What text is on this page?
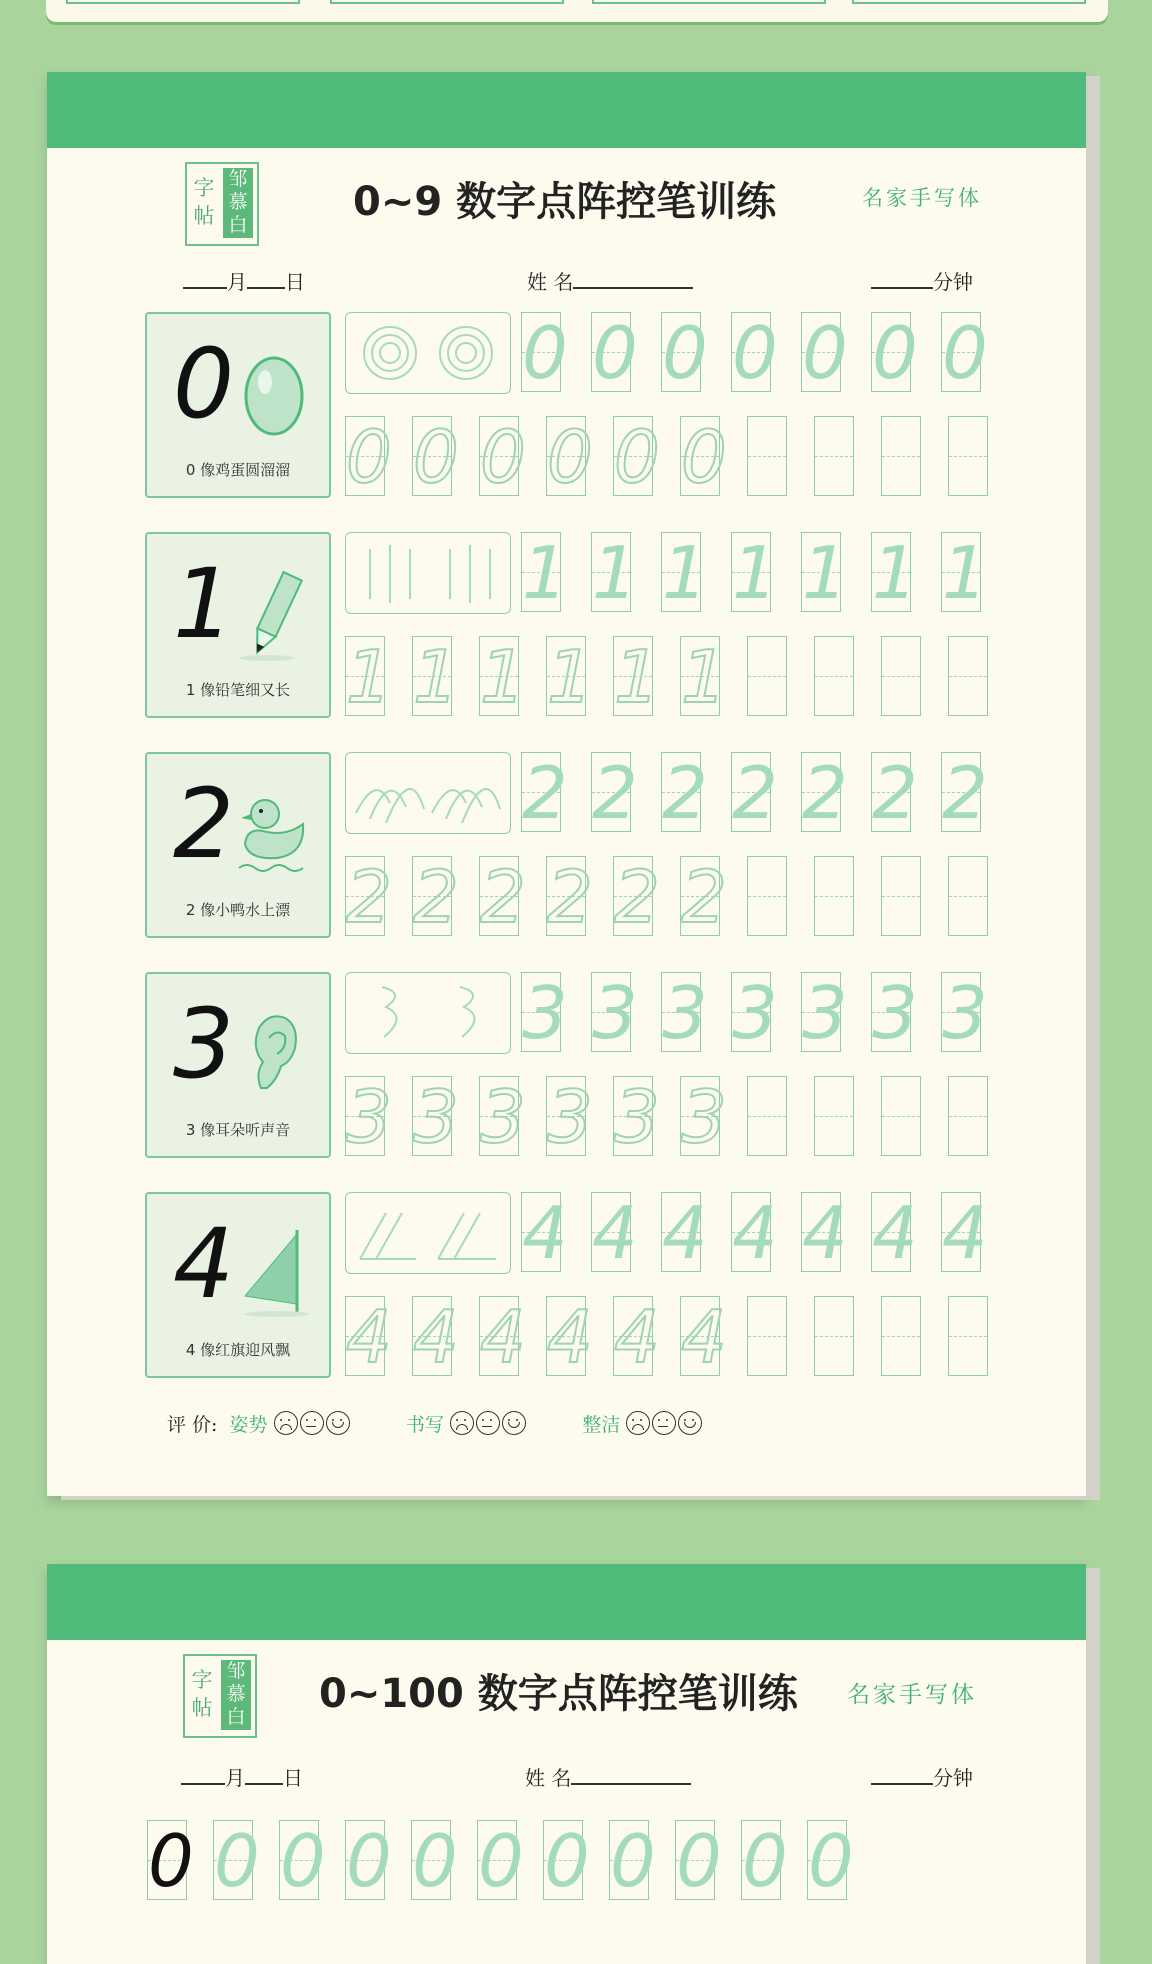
字帖
邹慕白	0~9 数字点阵控笔训练	名家手写体
月 日	姓 名	分钟
0
0 像鸡蛋圆溜溜
0 0 0 0 0 0 0
0 0 0 0 0 0
1
1 像铅笔细又长
1 1 1 1 1 1 1
1 1 1 1 1 1
2
2 像小鸭水上漂
2 2 2 2 2 2 2
2 2 2 2 2 2
3
3 像耳朵听声音
3 3 3 3 3 3 3
3 3 3 3 3 3
4
4 像红旗迎风飘
4 4 4 4 4 4 4
4 4 4 4 4 4
评 价: 姿势	书写	整洁
字帖
邹慕白 0~100 数字点阵控笔训练 名家手写体
月 日	姓 名	分钟
0 0 0 0 0 0 0 0 0 0 0
